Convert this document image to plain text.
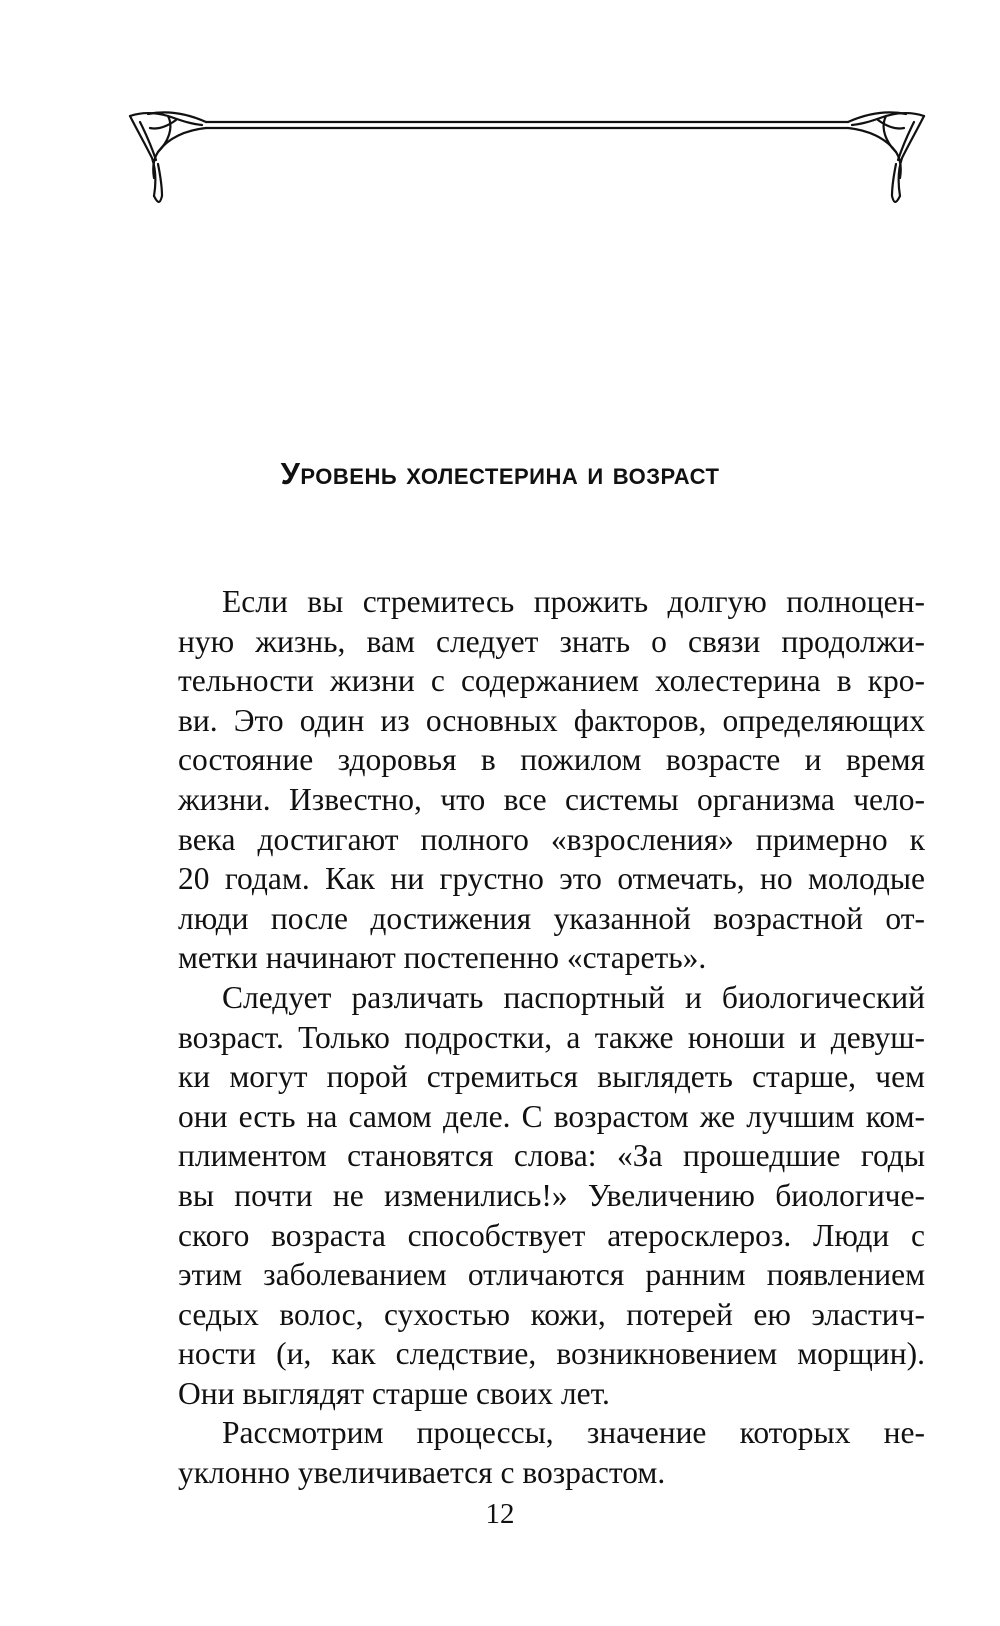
Уровень холестерина и возраст
Если вы стремитесь прожить долгую полноцен-
ную жизнь, вам следует знать о связи продолжи-
тельности жизни с содержанием холестерина в кро-
ви. Это один из основных факторов, определяющих
состояние здоровья в пожилом возрасте и время
жизни. Известно, что все системы организма чело-
века достигают полного «взросления» примерно к
20 годам. Как ни грустно это отмечать, но молодые
люди после достижения указанной возрастной от-
метки начинают постепенно «стареть».
Следует различать паспортный и биологический
возраст. Только подростки, а также юноши и девуш-
ки могут порой стремиться выглядеть старше, чем
они есть на самом деле. С возрастом же лучшим ком-
плиментом становятся слова: «За прошедшие годы
вы почти не изменились!» Увеличению биологиче-
ского возраста способствует атеросклероз. Люди с
этим заболеванием отличаются ранним появлением
седых волос, сухостью кожи, потерей ею эластич-
ности (и, как следствие, возникновением морщин).
Они выглядят старше своих лет.
Рассмотрим процессы, значение которых не-
уклонно увеличивается с возрастом.
12
